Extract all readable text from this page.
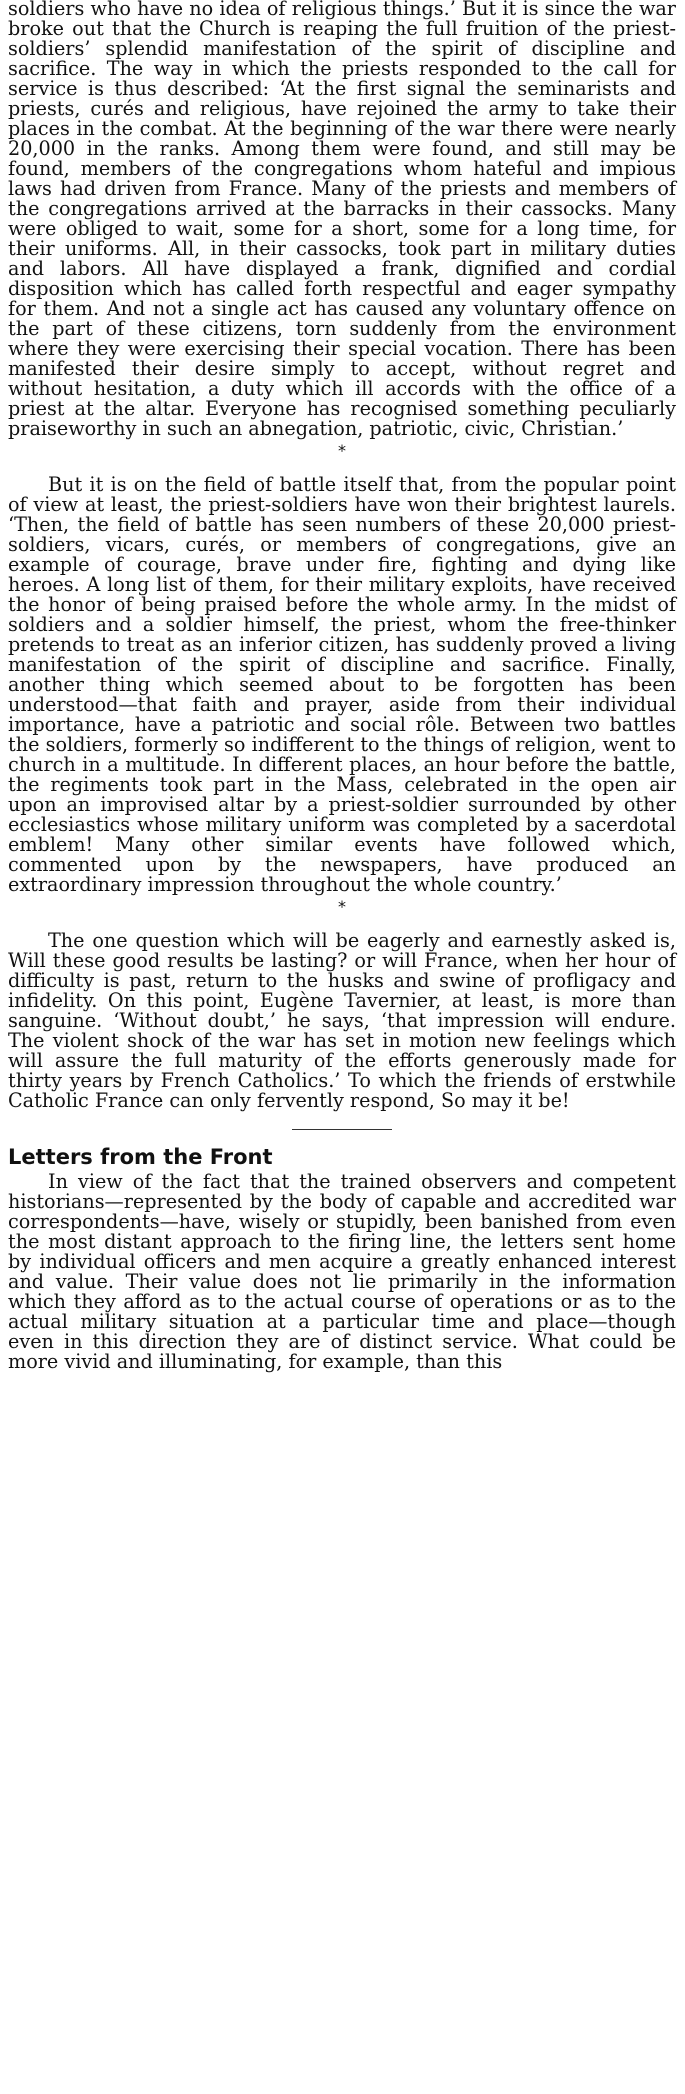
soldiers who have no idea of religious things.’ But it is since the war broke out that the Church is reaping the full fruition of the priest-soldiers’ splendid manifestation of the spirit of discipline and sacrifice. The way in which the priests responded to the call for service is thus described: ‘At the first signal the seminarists and priests, curés and religious, have rejoined the army to take their places in the combat. At the beginning of the war there were nearly 20,000 in the ranks. Among them were found, and still may be found, members of the congregations whom hateful and impious laws had driven from France. Many of the priests and members of the congregations arrived at the barracks in their cassocks. Many were obliged to wait, some for a short, some for a long time, for their uniforms. All, in their cassocks, took part in military duties and labors. All have displayed a frank, dignified and cordial disposition which has called forth respectful and eager sympathy for them. And not a single act has caused any voluntary offence on the part of these citizens, torn suddenly from the environment where they were exercising their special vocation. There has been manifested their desire simply to accept, without regret and without hesitation, a duty which ill accords with the office of a priest at the altar. Everyone has recognised something peculiarly praiseworthy in such an abnegation, patriotic, civic, Christian.’

*

But it is on the field of battle itself that, from the popular point of view at least, the priest-soldiers have won their brightest laurels. ‘Then, the field of battle has seen numbers of these 20,000 priest-soldiers, vicars, curés, or members of congregations, give an example of courage, brave under fire, fighting and dying like heroes. A long list of them, for their military exploits, have received the honor of being praised before the whole army. In the midst of soldiers and a soldier himself, the priest, whom the free-thinker pretends to treat as an inferior citizen, has suddenly proved a living manifestation of the spirit of discipline and sacrifice. Finally, another thing which seemed about to be forgotten has been understood—that faith and prayer, aside from their individual importance, have a patriotic and social rôle. Between two battles the soldiers, formerly so indifferent to the things of religion, went to church in a multitude. In different places, an hour before the battle, the regiments took part in the Mass, celebrated in the open air upon an improvised altar by a priest-soldier surrounded by other ecclesiastics whose military uniform was completed by a sacerdotal emblem! Many other similar events have followed which, commented upon by the newspapers, have produced an extraordinary impression throughout the whole country.’

*

The one question which will be eagerly and earnestly asked is, Will these good results be lasting? or will France, when her hour of difficulty is past, return to the husks and swine of profligacy and infidelity. On this point, Eugène Tavernier, at least, is more than sanguine. ‘Without doubt,’ he says, ‘that impression will endure. The violent shock of the war has set in motion new feelings which will assure the full maturity of the efforts generously made for thirty years by French Catholics.’ To which the friends of erstwhile Catholic France can only fervently respond, So may it be!

Letters from the Front

In view of the fact that the trained observers and competent historians—represented by the body of capable and accredited war correspondents—have, wisely or stupidly, been banished from even the most distant approach to the firing line, the letters sent home by individual officers and men acquire a greatly enhanced interest and value. Their value does not lie primarily in the information which they afford as to the actual course of operations or as to the actual military situation at a particular time and place—though even in this direction they are of distinct service. What could be more vivid and illuminating, for example, than this
